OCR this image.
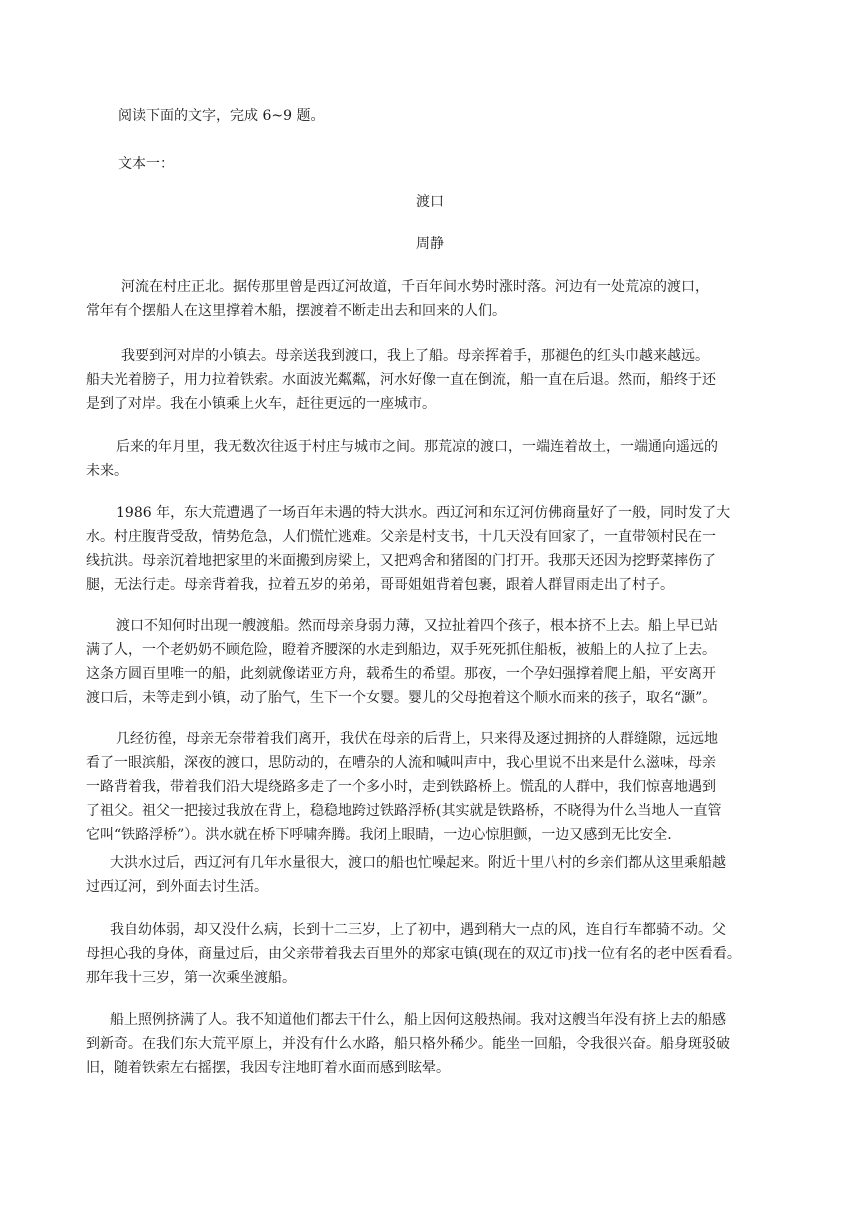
阅读下面的文字，完成 6~9 题。
文本一：
渡口
周静
河流在村庄正北。据传那里曾是西辽河故道，千百年间水势时涨时落。河边有一处荒凉的渡口，
常年有个摆船人在这里撑着木船，摆渡着不断走出去和回来的人们。
我要到河对岸的小镇去。母亲送我到渡口，我上了船。母亲挥着手，那褪色的红头巾越来越远。
船夫光着膀子，用力拉着铁索。水面波光粼粼，河水好像一直在倒流，船一直在后退。然而，船终于还
是到了对岸。我在小镇乘上火车，赶往更远的一座城市。
后来的年月里，我无数次往返于村庄与城市之间。那荒凉的渡口，一端连着故土，一端通向遥远的
未来。
1986 年，东大荒遭遇了一场百年未遇的特大洪水。西辽河和东辽河仿佛商量好了一般，同时发了大
水。村庄腹背受敌，情势危急，人们慌忙逃难。父亲是村支书，十几天没有回家了，一直带领村民在一
线抗洪。母亲沉着地把家里的米面搬到房梁上，又把鸡舍和猪图的门打开。我那天还因为挖野菜摔伤了
腿，无法行走。母亲背着我，拉着五岁的弟弟，哥哥姐姐背着包裹，跟着人群冒雨走出了村子。
渡口不知何时出现一艘渡船。然而母亲身弱力薄，又拉扯着四个孩子，根本挤不上去。船上早已站
满了人，一个老奶奶不顾危险，瞪着齐腰深的水走到船边，双手死死抓住船板，被船上的人拉了上去。
这条方圆百里唯一的船，此刻就像诺亚方舟，载希生的希望。那夜，一个孕妇强撑着爬上船，平安离开
渡口后，未等走到小镇，动了胎气，生下一个女婴。婴儿的父母抱着这个顺水而来的孩子，取名“灏”。
几经彷徨，母亲无奈带着我们离开，我伏在母亲的后背上，只来得及逐过拥挤的人群缝隙，远远地
看了一眼滨船，深夜的渡口，思防动的，在嘈杂的人流和喊叫声中，我心里说不出来是什么滋味，母亲
一路背着我，带着我们沿大堤绕路多走了一个多小时，走到铁路桥上。慌乱的人群中，我们惊喜地遇到
了祖父。祖父一把接过我放在背上，稳稳地跨过铁路浮桥(其实就是铁路桥，不晓得为什么当地人一直管
它叫“铁路浮桥”）。洪水就在桥下呼啸奔腾。我闭上眼睛，一边心惊胆颤，一边又感到无比安全.
大洪水过后，西辽河有几年水量很大，渡口的船也忙噪起来。附近十里八村的乡亲们都从这里乘船越
过西辽河，到外面去讨生活。
我自幼体弱，却又没什么病，长到十二三岁，上了初中，遇到稍大一点的风，连自行车都骑不动。父
母担心我的身体，商量过后，由父亲带着我去百里外的郑家屯镇(现在的双辽市)找一位有名的老中医看看。
那年我十三岁，第一次乘坐渡船。
船上照例挤满了人。我不知道他们都去干什么，船上因何这般热闹。我对这艘当年没有挤上去的船感
到新奇。在我们东大荒平原上，并没有什么水路，船只格外稀少。能坐一回船，令我很兴奋。船身斑驳破
旧，随着铁索左右摇摆，我因专注地盯着水面而感到眩晕。
